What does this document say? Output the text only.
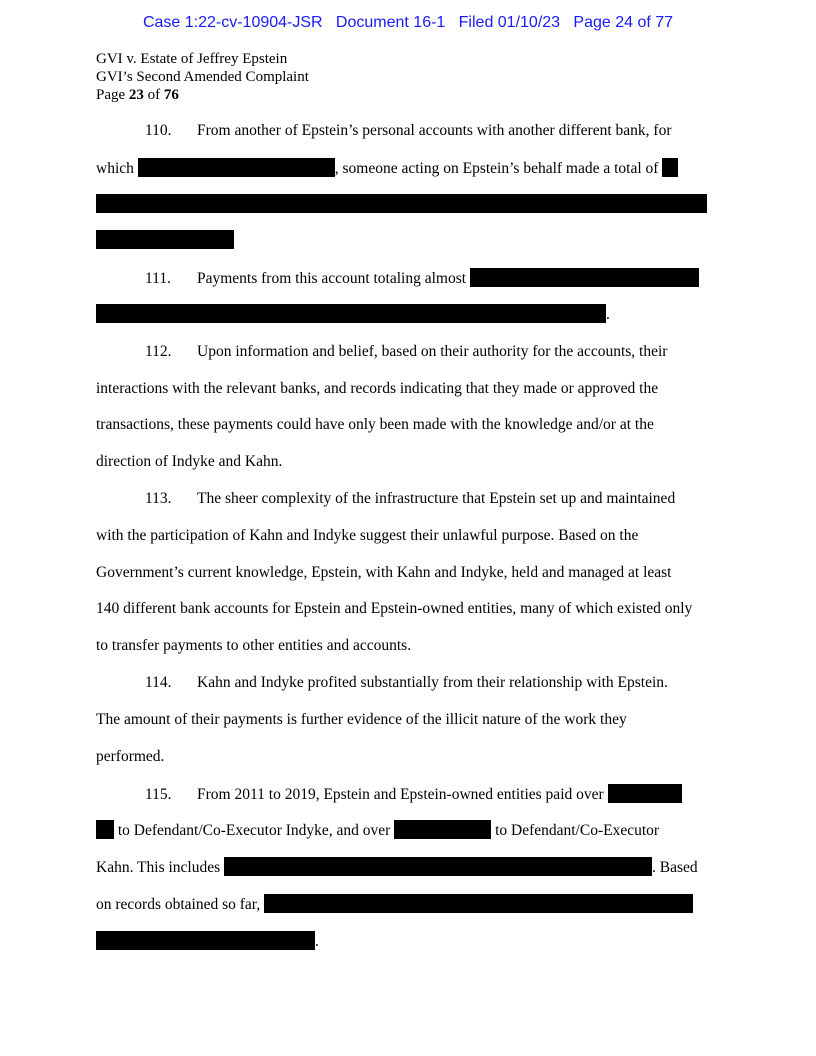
Case 1:22-cv-10904-JSR   Document 16-1   Filed 01/10/23   Page 24 of 77
GVI v. Estate of Jeffrey Epstein
GVI’s Second Amended Complaint
Page 23 of 76
110. From another of Epstein’s personal accounts with another different bank, for
which	, someone acting on Epstein’s behalf made a total of
111. Payments from this account totaling almost
.
112. Upon information and belief, based on their authority for the accounts, their
interactions with the relevant banks, and records indicating that they made or approved the
transactions, these payments could have only been made with the knowledge and/or at the
direction of Indyke and Kahn.
113. The sheer complexity of the infrastructure that Epstein set up and maintained
with the participation of Kahn and Indyke suggest their unlawful purpose. Based on the
Government’s current knowledge, Epstein, with Kahn and Indyke, held and managed at least
140 different bank accounts for Epstein and Epstein-owned entities, many of which existed only
to transfer payments to other entities and accounts.
114. Kahn and Indyke profited substantially from their relationship with Epstein.
The amount of their payments is further evidence of the illicit nature of the work they
performed.
115. From 2011 to 2019, Epstein and Epstein-owned entities paid over
to Defendant/Co-Executor Indyke, and over	to Defendant/Co-Executor
Kahn. This includes	. Based
on records obtained so far,
.
